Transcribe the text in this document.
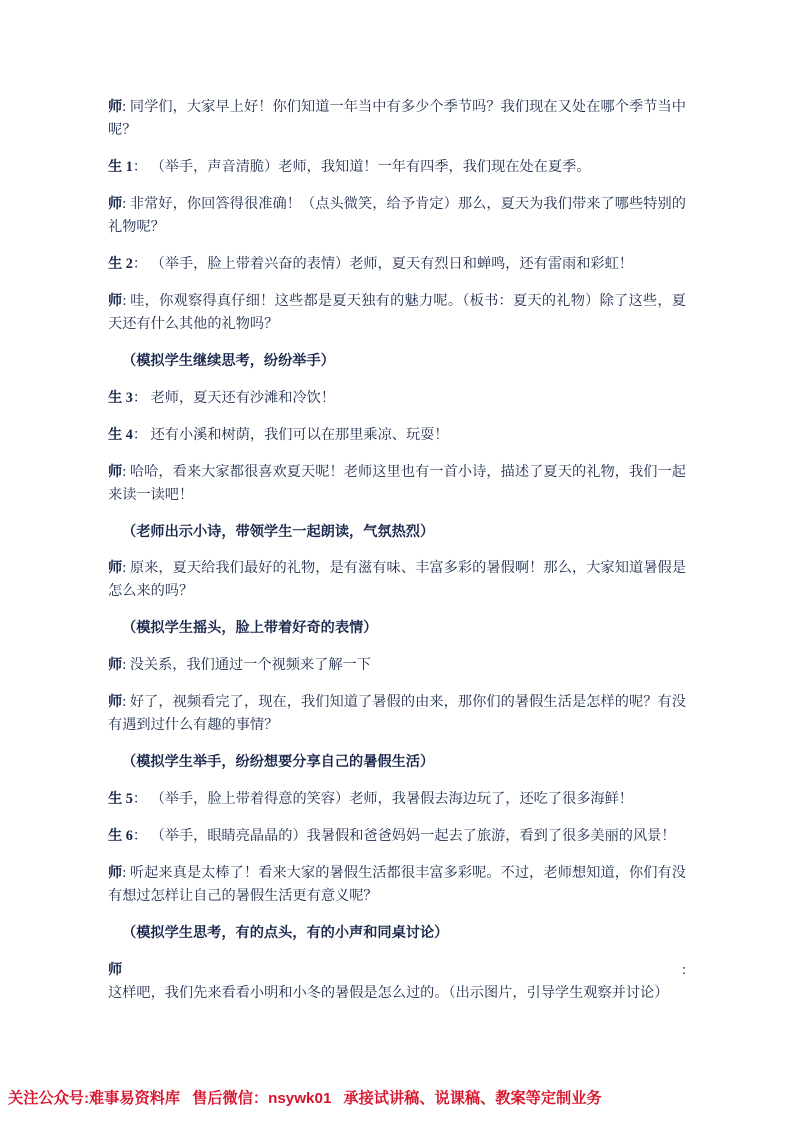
师: 同学们，大家早上好！你们知道一年当中有多少个季节吗？我们现在又处在哪个季节当中呢？

生 1： （举手，声音清脆）老师，我知道！一年有四季，我们现在处在夏季。

师: 非常好，你回答得很准确！（点头微笑，给予肯定）那么，夏天为我们带来了哪些特别的礼物呢？

生 2： （举手，脸上带着兴奋的表情）老师，夏天有烈日和蝉鸣，还有雷雨和彩虹！

师: 哇，你观察得真仔细！这些都是夏天独有的魅力呢。（板书：夏天的礼物）除了这些，夏天还有什么其他的礼物吗？

（模拟学生继续思考，纷纷举手）

生 3： 老师，夏天还有沙滩和冷饮！

生 4： 还有小溪和树荫，我们可以在那里乘凉、玩耍！

师: 哈哈，看来大家都很喜欢夏天呢！老师这里也有一首小诗，描述了夏天的礼物，我们一起来读一读吧！

（老师出示小诗，带领学生一起朗读，气氛热烈）

师: 原来，夏天给我们最好的礼物，是有滋有味、丰富多彩的暑假啊！那么，大家知道暑假是怎么来的吗？

（模拟学生摇头，脸上带着好奇的表情）

师: 没关系，我们通过一个视频来了解一下

师: 好了，视频看完了，现在，我们知道了暑假的由来，那你们的暑假生活是怎样的呢？有没有遇到过什么有趣的事情？

（模拟学生举手，纷纷想要分享自己的暑假生活）

生 5： （举手，脸上带着得意的笑容）老师，我暑假去海边玩了，还吃了很多海鲜！

生 6： （举手，眼睛亮晶晶的）我暑假和爸爸妈妈一起去了旅游，看到了很多美丽的风景！

师: 听起来真是太棒了！看来大家的暑假生活都很丰富多彩呢。不过，老师想知道，你们有没有想过怎样让自己的暑假生活更有意义呢？

（模拟学生思考，有的点头，有的小声和同桌讨论）

师: 这样吧，我们先来看看小明和小冬的暑假是怎么过的。（出示图片，引导学生观察并讨论）

关注公众号:难事易资料库 售后微信：nsywk01 承接试讲稿、说课稿、教案等定制业务
